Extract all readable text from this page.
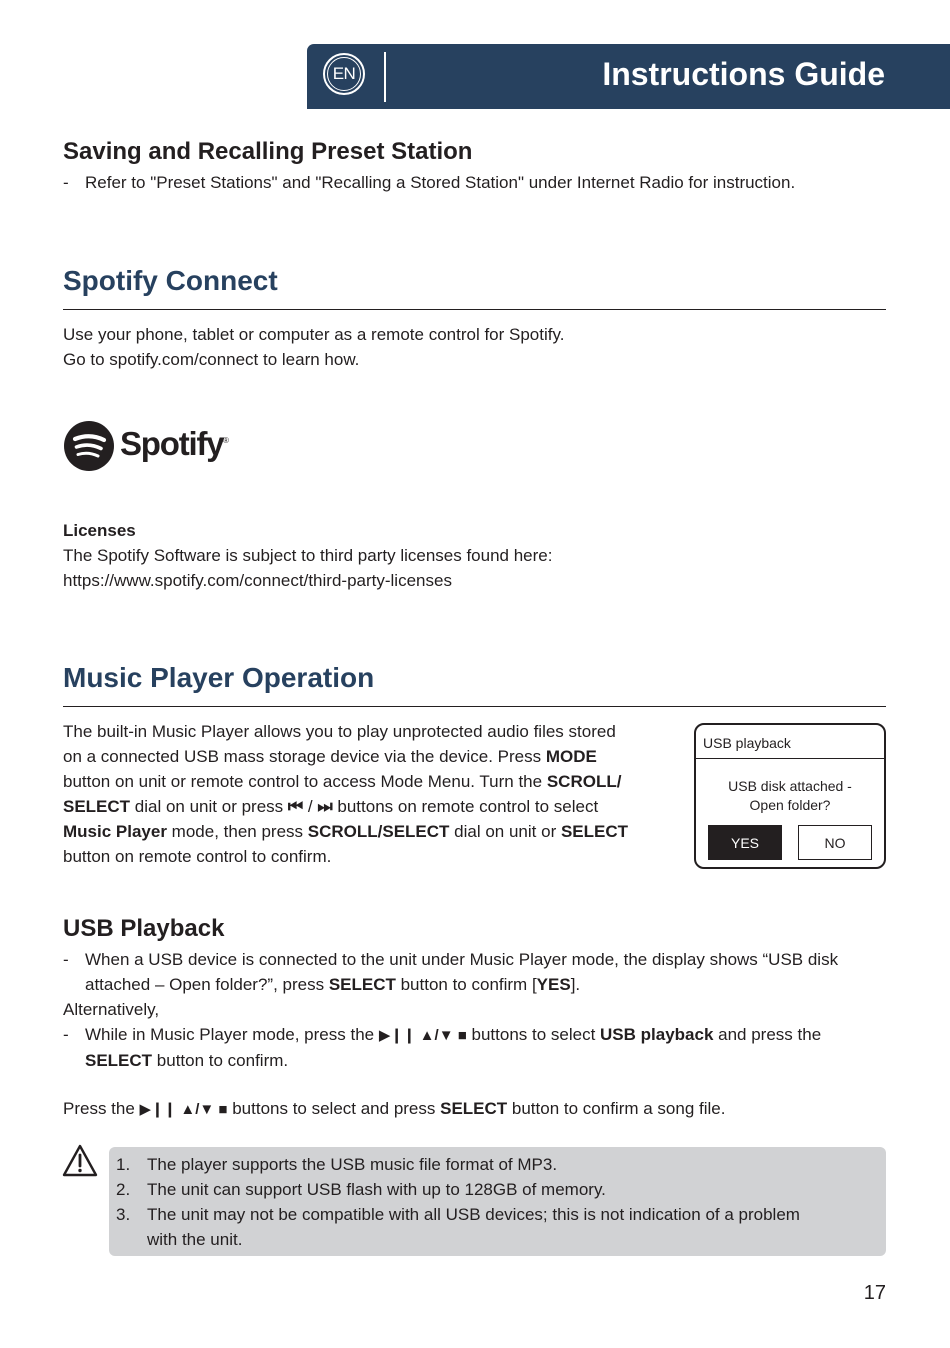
EN	Instructions Guide
Saving and Recalling Preset Station
- Refer to "Preset Stations" and "Recalling a Stored Station" under Internet Radio for instruction.
Spotify Connect
Use your phone, tablet or computer as a remote control for Spotify.
Go to spotify.com/connect to learn how.
Spotify ®
Licenses
The Spotify Software is subject to third party licenses found here:
https://www.spotify.com/connect/third-party-licenses
Music Player Operation
The built-in Music Player allows you to play unprotected audio files stored
on a connected USB mass storage device via the device. Press MODE
button on unit or remote control to access Mode Menu. Turn the SCROLL/
SELECT dial on unit or press ⏮ / ⏭ buttons on remote control to select
Music Player mode, then press SCROLL/SELECT dial on unit or SELECT
button on remote control to confirm.
USB playback
USB disk attached -
Open folder?
YES	NO
USB Playback
- When a USB device is connected to the unit under Music Player mode, the display shows “USB disk
attached – Open folder?”, press SELECT button to confirm [YES].
Alternatively,
- While in Music Player mode, press the ▶❙❙ ▲/▼ ■ buttons to select USB playback and press the
SELECT button to confirm.
Press the ▶❙❙ ▲/▼ ■ buttons to select and press SELECT button to confirm a song file.
1. The player supports the USB music file format of MP3.
2. The unit can support USB flash with up to 128GB of memory.
3. The unit may not be compatible with all USB devices; this is not indication of a problem
with the unit.
17
